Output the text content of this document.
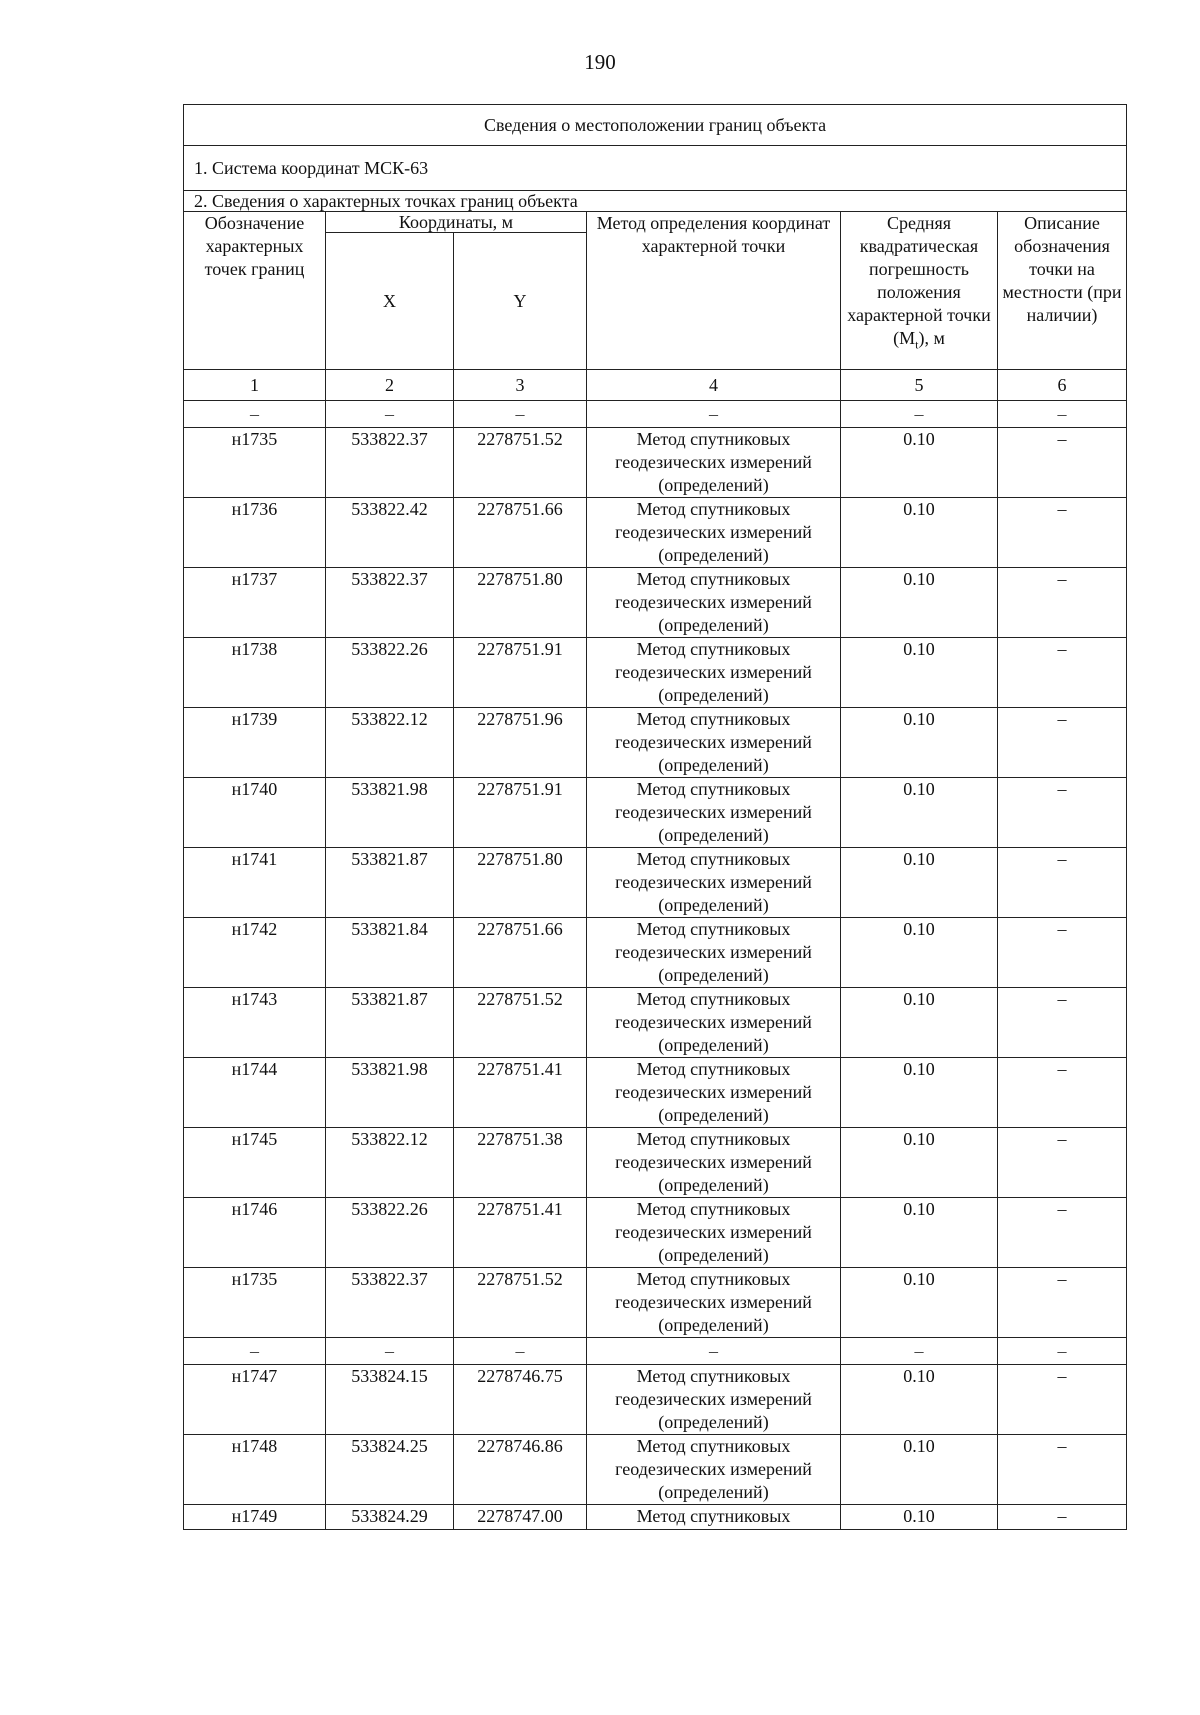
190
Сведения о местоположении границ объекта					
1. Система координат МСК-63					
2. Сведения о характерных точках границ объекта					
Обозначение характерных точек границ	Координаты, м		Метод определения координат характерной точки	Средняя квадратическая погрешность положения характерной точки $(M_t)$, м	Описание обозначения точки на местности (при наличии)
	X	Y			
1	2	3	4	5	6
–	–	–	–	–	–
н1735	533822.37	2278751.52	Метод спутниковых геодезических измерений (определений)	0.10	–
н1736	533822.42	2278751.66	Метод спутниковых геодезических измерений (определений)	0.10	–
н1737	533822.37	2278751.80	Метод спутниковых геодезических измерений (определений)	0.10	–
н1738	533822.26	2278751.91	Метод спутниковых геодезических измерений (определений)	0.10	–
н1739	533822.12	2278751.96	Метод спутниковых геодезических измерений (определений)	0.10	–
н1740	533821.98	2278751.91	Метод спутниковых геодезических измерений (определений)	0.10	–
н1741	533821.87	2278751.80	Метод спутниковых геодезических измерений (определений)	0.10	–
н1742	533821.84	2278751.66	Метод спутниковых геодезических измерений (определений)	0.10	–
н1743	533821.87	2278751.52	Метод спутниковых геодезических измерений (определений)	0.10	–
н1744	533821.98	2278751.41	Метод спутниковых геодезических измерений (определений)	0.10	–
н1745	533822.12	2278751.38	Метод спутниковых геодезических измерений (определений)	0.10	–
н1746	533822.26	2278751.41	Метод спутниковых геодезических измерений (определений)	0.10	–
н1735	533822.37	2278751.52	Метод спутниковых геодезических измерений (определений)	0.10	–
–	–	–	–	–	–
н1747	533824.15	2278746.75	Метод спутниковых геодезических измерений (определений)	0.10	–
н1748	533824.25	2278746.86	Метод спутниковых геодезических измерений (определений)	0.10	–
н1749	533824.29	2278747.00	Метод спутниковых	0.10	–
